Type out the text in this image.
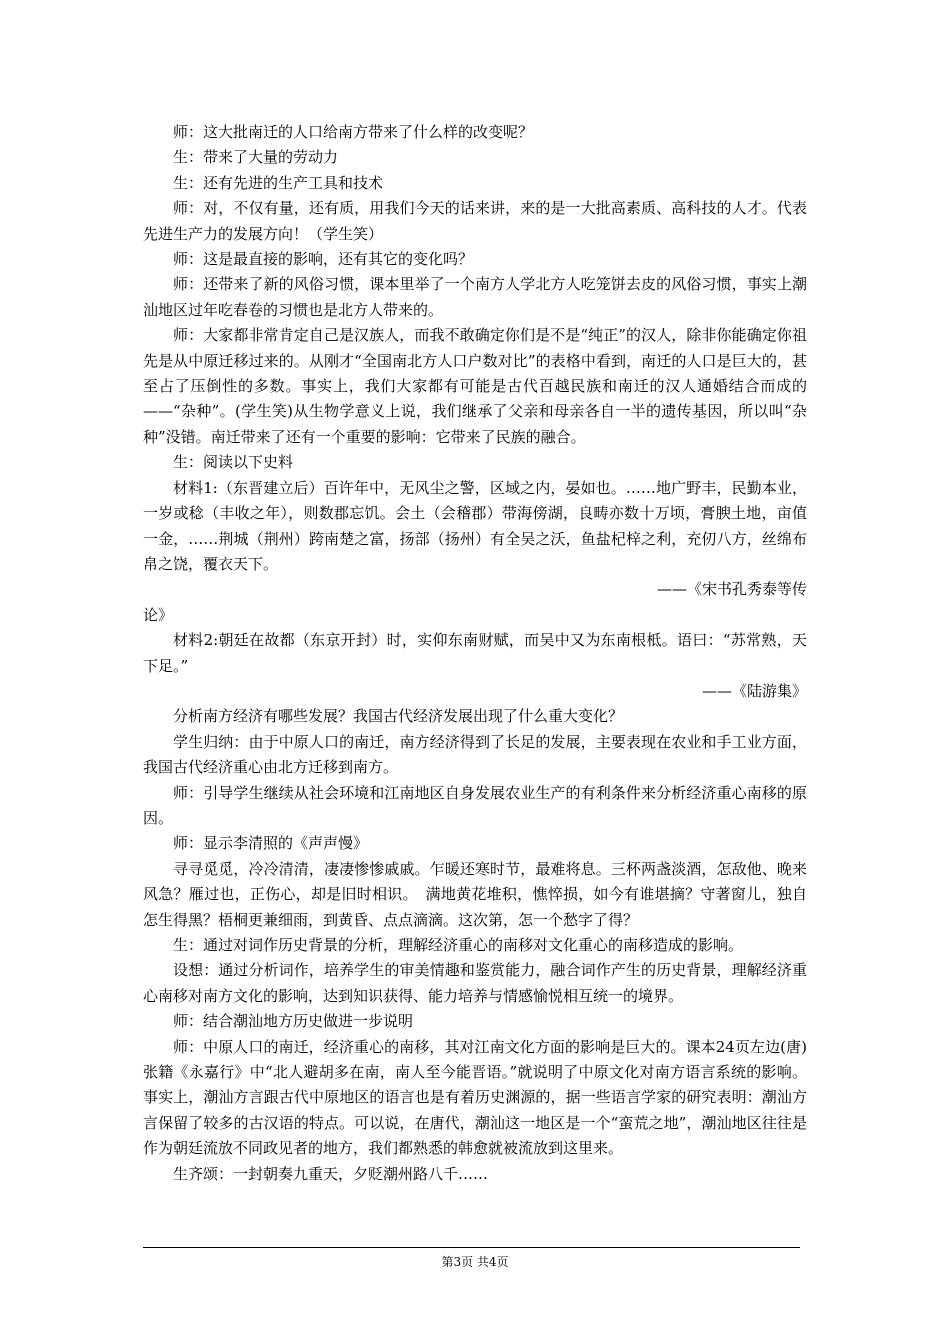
师：这大批南迁的人口给南方带来了什么样的改变呢？

生：带来了大量的劳动力

生：还有先进的生产工具和技术

师：对，不仅有量，还有质，用我们今天的话来讲，来的是一大批高素质、高科技的人才。代表先进生产力的发展方向！（学生笑）

师：这是最直接的影响，还有其它的变化吗？

师：还带来了新的风俗习惯，课本里举了一个南方人学北方人吃笼饼去皮的风俗习惯，事实上潮汕地区过年吃春卷的习惯也是北方人带来的。

师：大家都非常肯定自己是汉族人，而我不敢确定你们是不是“纯正”的汉人，除非你能确定你祖先是从中原迁移过来的。从刚才“全国南北方人口户数对比”的表格中看到，南迁的人口是巨大的，甚至占了压倒性的多数。事实上，我们大家都有可能是古代百越民族和南迁的汉人通婚结合而成的——“杂种”。(学生笑)从生物学意义上说，我们继承了父亲和母亲各自一半的遗传基因，所以叫“杂种”没错。南迁带来了还有一个重要的影响：它带来了民族的融合。

生：阅读以下史料

材料1:（东晋建立后）百许年中，无风尘之警，区域之内，晏如也。……地广野丰，民勤本业，一岁或稔（丰收之年），则数郡忘饥。会土（会稽郡）带海傍湖，良畴亦数十万顷，膏腴土地，亩值一金，……荆城（荆州）跨南楚之富，扬部（扬州）有全吴之沃，鱼盐杞梓之利，充仞八方，丝绵布帛之饶，覆衣天下。

——《宋书孔秀泰等传
论》

材料2:朝廷在故都（东京开封）时，实仰东南财赋，而吴中又为东南根柢。语曰：“苏常熟，天下足。”

——《陆游集》

分析南方经济有哪些发展？我国古代经济发展出现了什么重大变化？

学生归纳：由于中原人口的南迁，南方经济得到了长足的发展，主要表现在农业和手工业方面，我国古代经济重心由北方迁移到南方。

师：引导学生继续从社会环境和江南地区自身发展农业生产的有利条件来分析经济重心南移的原因。

师：显示李清照的《声声慢》

寻寻觅觅，冷冷清清，凄凄惨惨戚戚。乍暖还寒时节，最难将息。三杯两盏淡酒，怎敌他、晚来风急？雁过也，正伤心，却是旧时相识。　满地黄花堆积，憔悴损，如今有谁堪摘？守著窗儿，独自怎生得黑？梧桐更兼细雨，到黄昏、点点滴滴。这次第，怎一个愁字了得？

生：通过对词作历史背景的分析，理解经济重心的南移对文化重心的南移造成的影响。

设想：通过分析词作，培养学生的审美情趣和鉴赏能力，融合词作产生的历史背景，理解经济重心南移对南方文化的影响，达到知识获得、能力培养与情感愉悦相互统一的境界。

师：结合潮汕地方历史做进一步说明

师：中原人口的南迁，经济重心的南移，其对江南文化方面的影响是巨大的。课本24页左边(唐)张籍《永嘉行》中“北人避胡多在南，南人至今能晋语。”就说明了中原文化对南方语言系统的影响。事实上，潮汕方言跟古代中原地区的语言也是有着历史渊源的，据一些语言学家的研究表明：潮汕方言保留了较多的古汉语的特点。可以说，在唐代，潮汕这一地区是一个“蛮荒之地”，潮汕地区往往是作为朝廷流放不同政见者的地方，我们都熟悉的韩愈就被流放到这里来。

生齐颂：一封朝奏九重天，夕贬潮州路八千……

第3页 共4页
